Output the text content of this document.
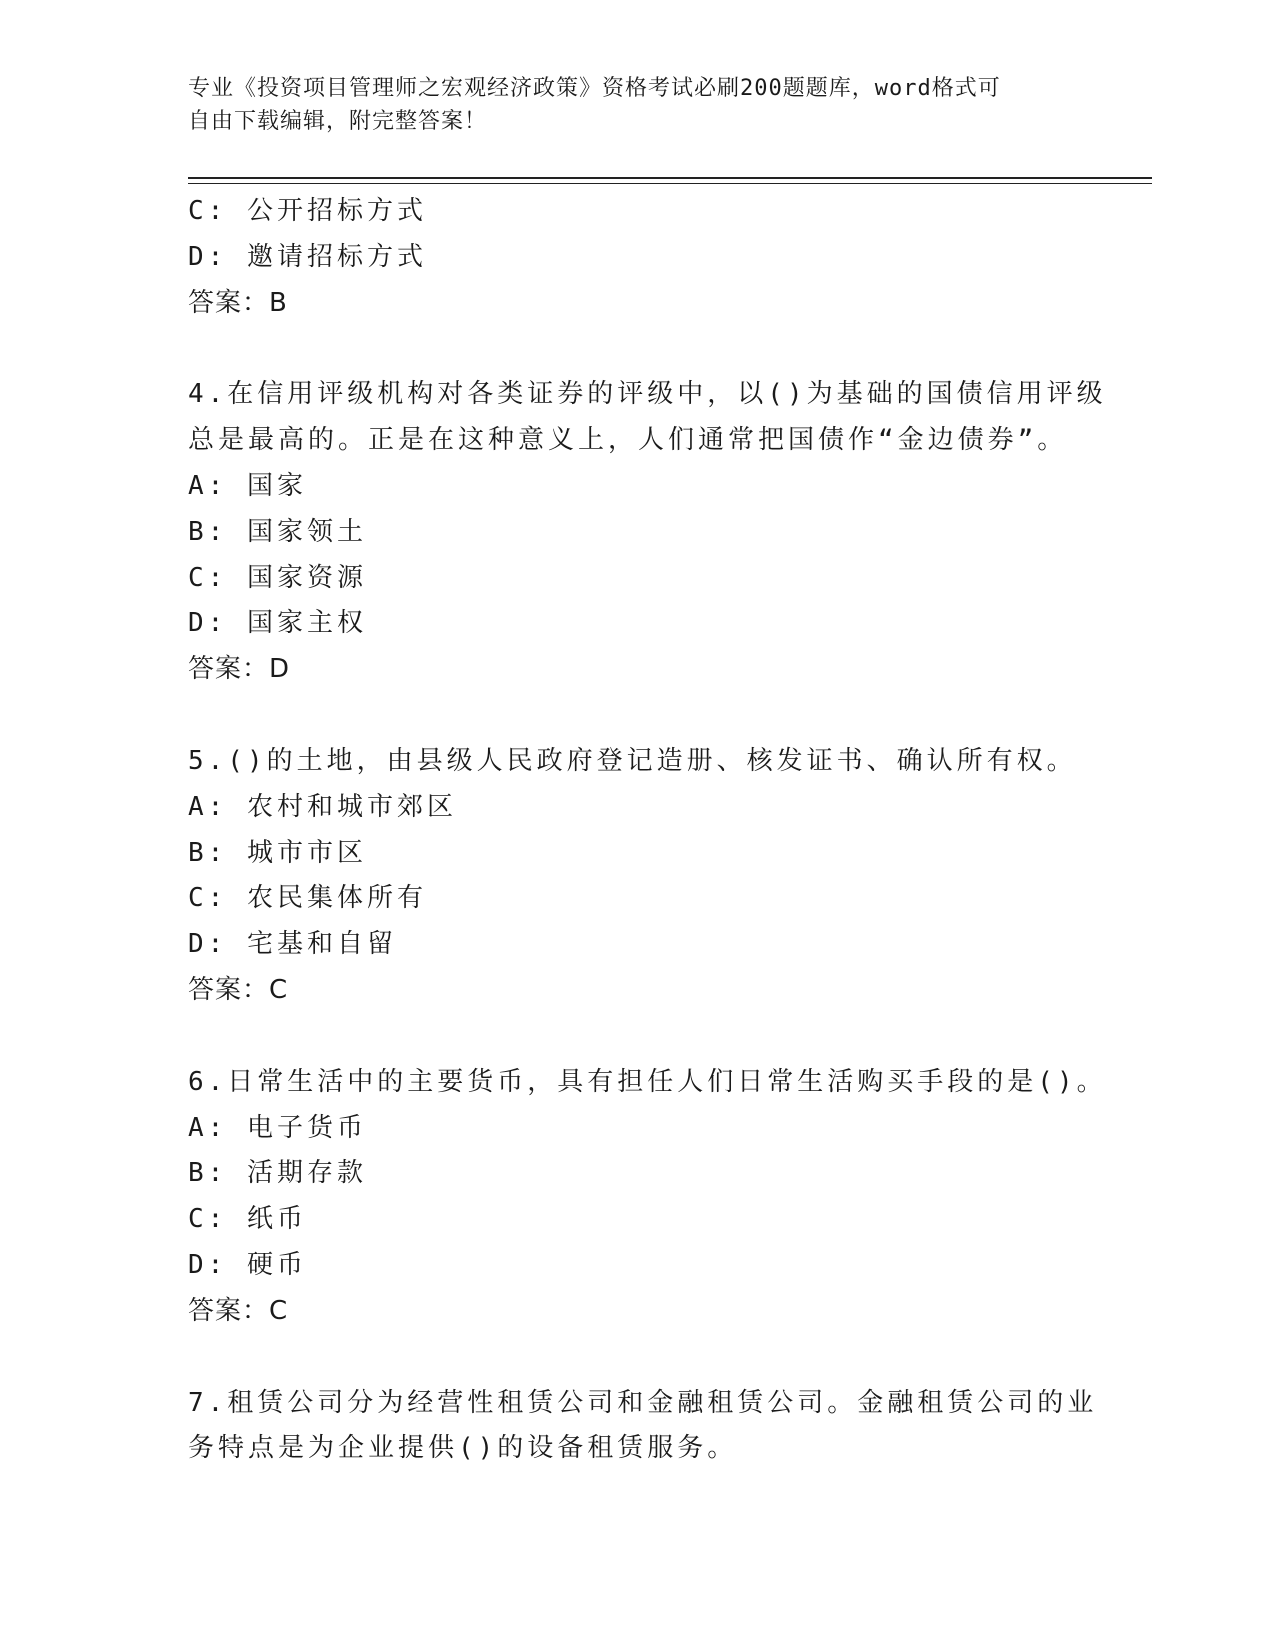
专业《投资项目管理师之宏观经济政策》资格考试必刷200题题库，word格式可
自由下载编辑，附完整答案！
C: 公开招标方式
D: 邀请招标方式
答案：B
4.在信用评级机构对各类证券的评级中，以()为基础的国债信用评级
总是最高的。正是在这种意义上，人们通常把国债作“金边债券”。
A: 国家
B: 国家领土
C: 国家资源
D: 国家主权
答案：D
5.()的土地，由县级人民政府登记造册、核发证书、确认所有权。
A: 农村和城市郊区
B: 城市市区
C: 农民集体所有
D: 宅基和自留
答案：C
6.日常生活中的主要货币，具有担任人们日常生活购买手段的是()。
A: 电子货币
B: 活期存款
C: 纸币
D: 硬币
答案：C
7.租赁公司分为经营性租赁公司和金融租赁公司。金融租赁公司的业
务特点是为企业提供()的设备租赁服务。
